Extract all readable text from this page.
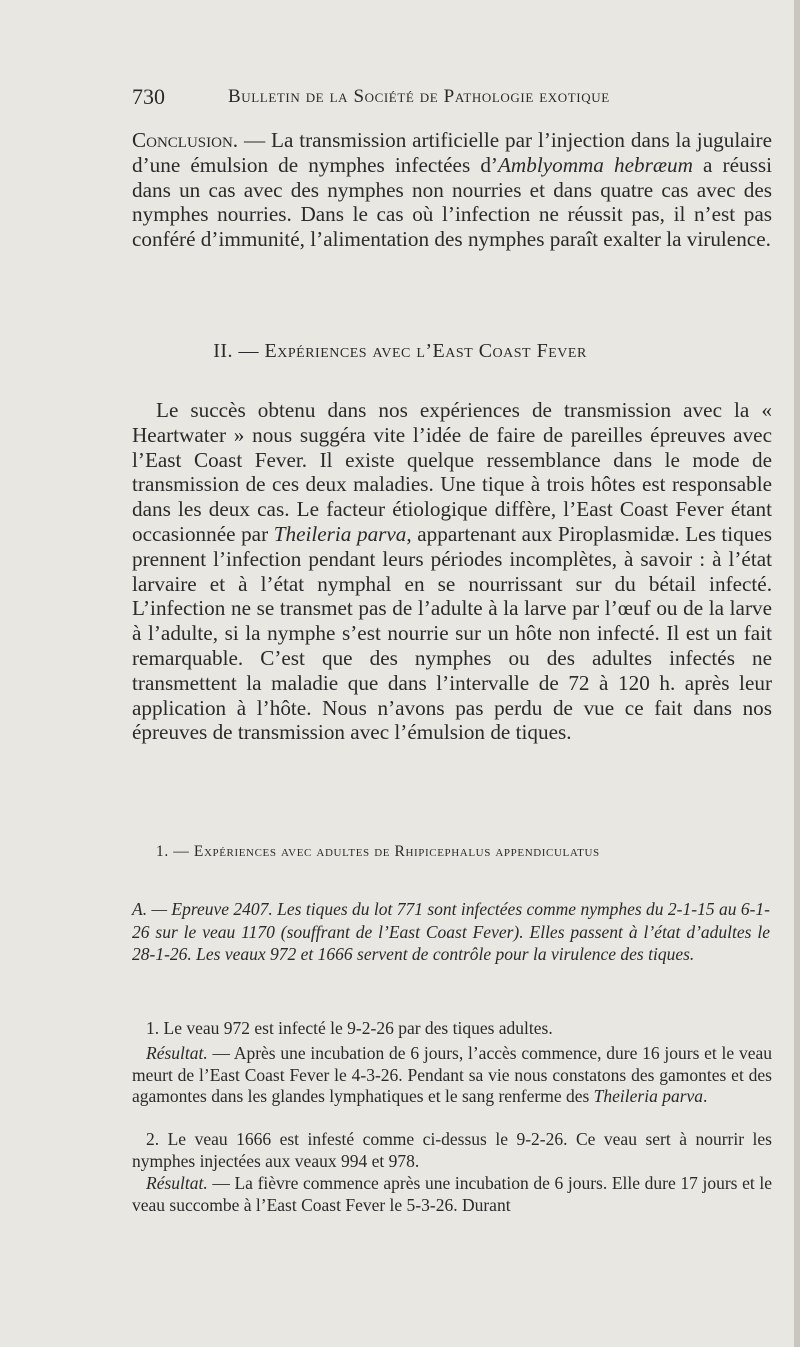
730	Bulletin de la Société de Pathologie exotique
Conclusion. — La transmission artificielle par l’injection dans la jugulaire d’une émulsion de nymphes infectées d’Amblyomma hebræum a réussi dans un cas avec des nymphes non nourries et dans quatre cas avec des nymphes nourries. Dans le cas où l’infection ne réussit pas, il n’est pas conféré d’immunité, l’alimentation des nymphes paraît exalter la virulence.
II. — Expériences avec l’East Coast Fever
Le succès obtenu dans nos expériences de transmission avec la « Heartwater » nous suggéra vite l’idée de faire de pareilles épreuves avec l’East Coast Fever. Il existe quelque ressemblance dans le mode de transmission de ces deux maladies. Une tique à trois hôtes est responsable dans les deux cas. Le facteur étiologique diffère, l’East Coast Fever étant occasionnée par Theileria parva, appartenant aux Piroplasmidæ. Les tiques prennent l’infection pendant leurs périodes incomplètes, à savoir : à l’état larvaire et à l’état nymphal en se nourrissant sur du bétail infecté. L’infection ne se transmet pas de l’adulte à la larve par l’œuf ou de la larve à l’adulte, si la nymphe s’est nourrie sur un hôte non infecté. Il est un fait remarquable. C’est que des nymphes ou des adultes infectés ne transmettent la maladie que dans l’intervalle de 72 à 120 h. après leur application à l’hôte. Nous n’avons pas perdu de vue ce fait dans nos épreuves de transmission avec l’émulsion de tiques.
1. — Expériences avec adultes de Rhipicephalus appendiculatus
A. — Epreuve 2407. Les tiques du lot 771 sont infectées comme nymphes du 2-1-15 au 6-1-26 sur le veau 1170 (souffrant de l’East Coast Fever). Elles passent à l’état d’adultes le 28-1-26. Les veaux 972 et 1666 servent de contrôle pour la virulence des tiques.
1. Le veau 972 est infecté le 9-2-26 par des tiques adultes.
Résultat. — Après une incubation de 6 jours, l’accès commence, dure 16 jours et le veau meurt de l’East Coast Fever le 4-3-26. Pendant sa vie nous constatons des gamontes et des agamontes dans les glandes lymphatiques et le sang renferme des Theileria parva.
2. Le veau 1666 est infesté comme ci-dessus le 9-2-26. Ce veau sert à nourrir les nymphes injectées aux veaux 994 et 978.
Résultat. — La fièvre commence après une incubation de 6 jours. Elle dure 17 jours et le veau succombe à l’East Coast Fever le 5-3-26. Durant
